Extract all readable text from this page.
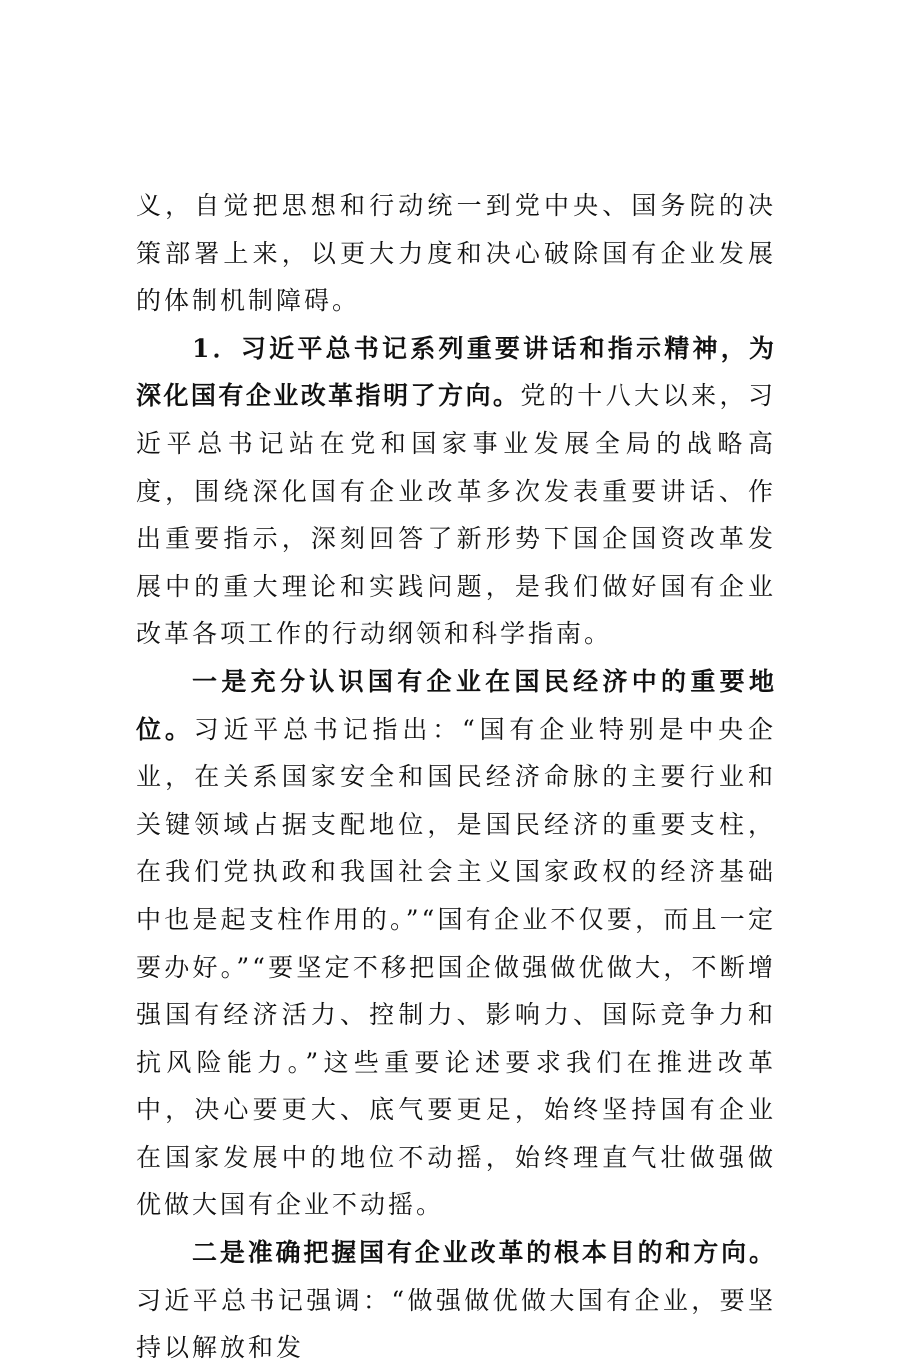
义，自觉把思想和行动统一到党中央、国务院的决策部署上来，以更大力度和决心破除国有企业发展的体制机制障碍。

1．习近平总书记系列重要讲话和指示精神，为深化国有企业改革指明了方向。党的十八大以来，习近平总书记站在党和国家事业发展全局的战略高度，围绕深化国有企业改革多次发表重要讲话、作出重要指示，深刻回答了新形势下国企国资改革发展中的重大理论和实践问题，是我们做好国有企业改革各项工作的行动纲领和科学指南。

一是充分认识国有企业在国民经济中的重要地位。习近平总书记指出：“国有企业特别是中央企业，在关系国家安全和国民经济命脉的主要行业和关键领域占据支配地位，是国民经济的重要支柱，在我们党执政和我国社会主义国家政权的经济基础中也是起支柱作用的。”“国有企业不仅要，而且一定要办好。”“要坚定不移把国企做强做优做大，不断增强国有经济活力、控制力、影响力、国际竞争力和抗风险能力。”这些重要论述要求我们在推进改革中，决心要更大、底气要更足，始终坚持国有企业在国家发展中的地位不动摇，始终理直气壮做强做优做大国有企业不动摇。

二是准确把握国有企业改革的根本目的和方向。习近平总书记强调：“做强做优做大国有企业，要坚持以解放和发
